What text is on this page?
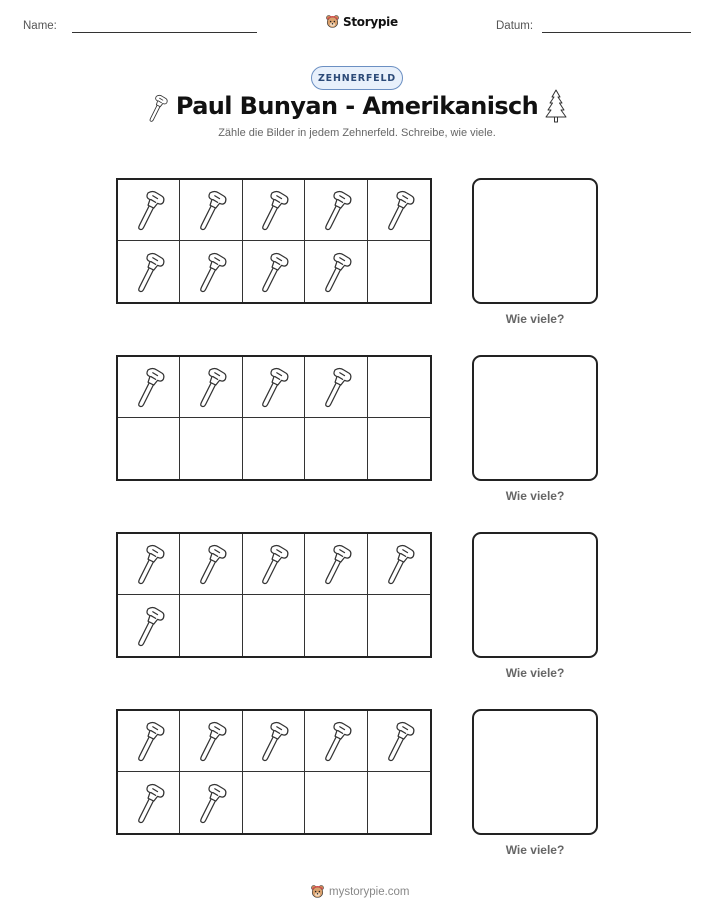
Name:	Storypie	Datum:
ZEHNERFELD
Paul Bunyan - Amerikanisch
Zähle die Bilder in jedem Zehnerfeld. Schreibe, wie viele.
Wie viele?
Wie viele?
Wie viele?
Wie viele?
mystorypie.com
